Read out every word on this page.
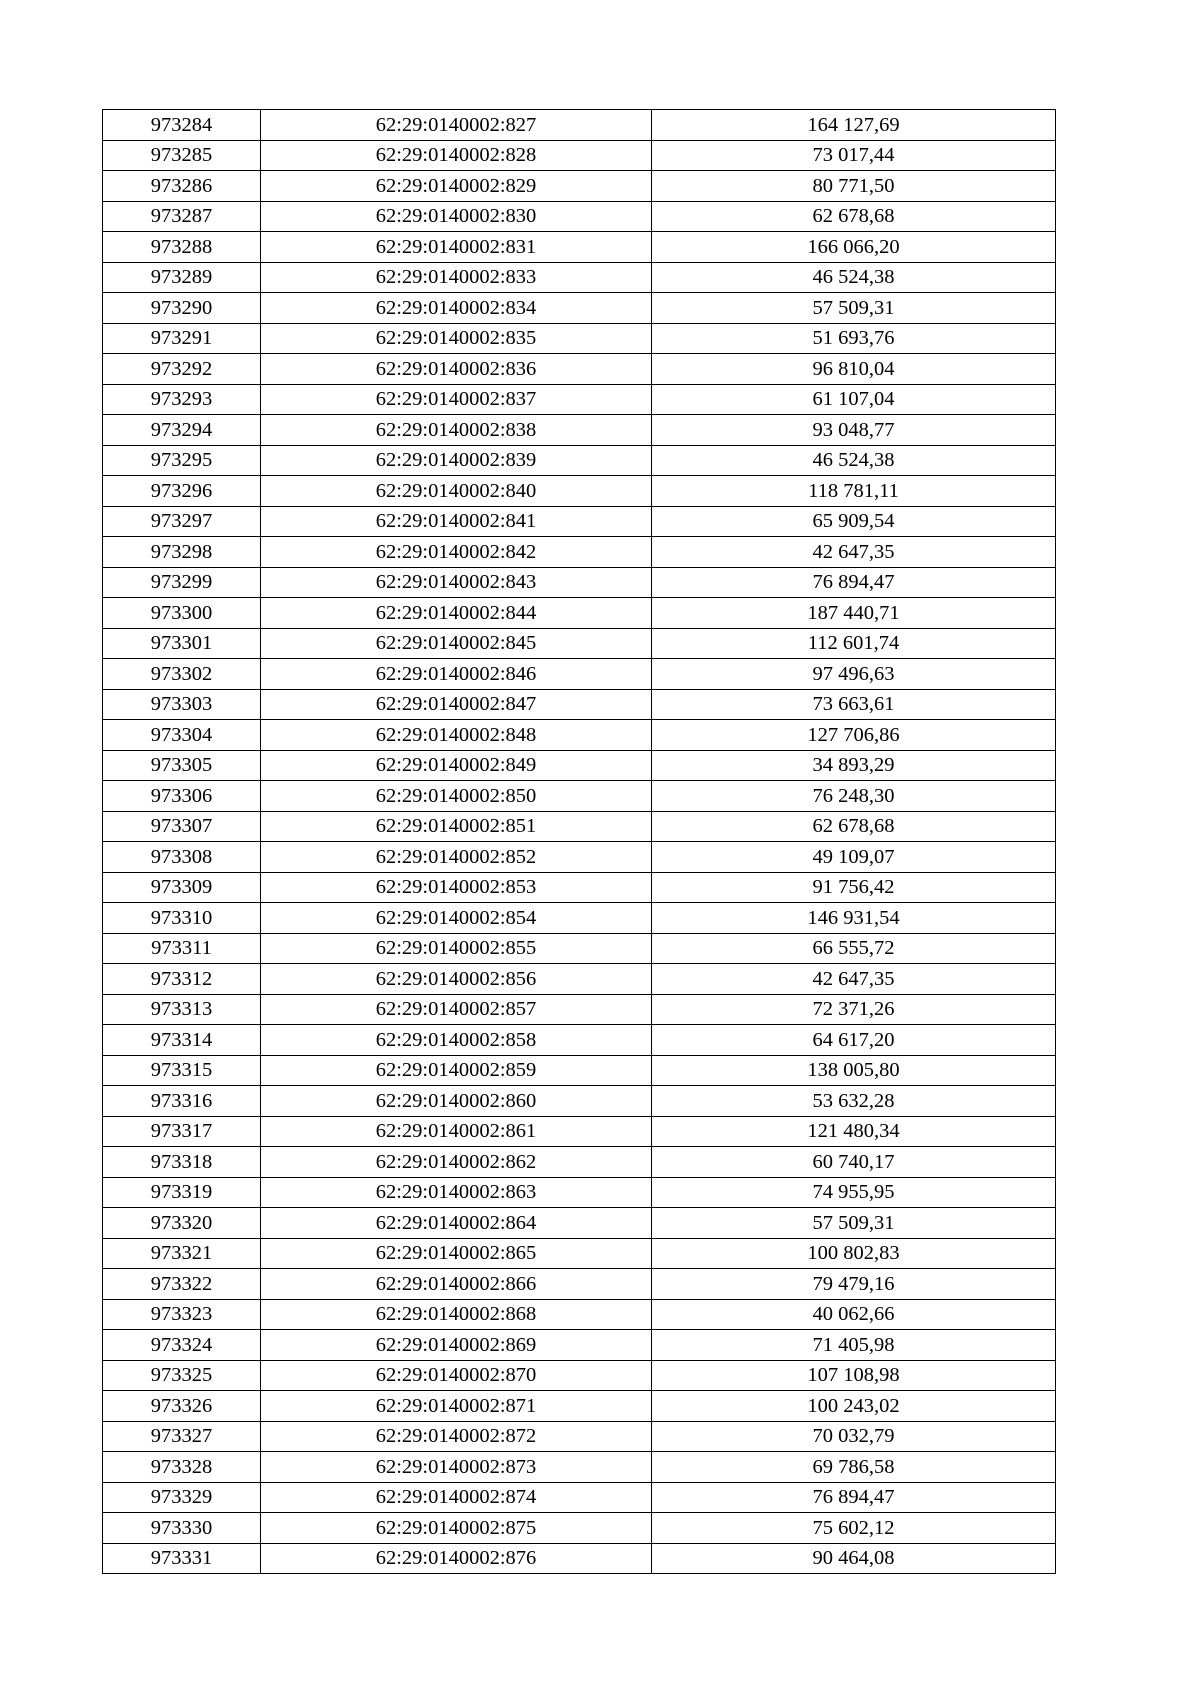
973284	62:29:0140002:827	164 127,69
973285	62:29:0140002:828	73 017,44
973286	62:29:0140002:829	80 771,50
973287	62:29:0140002:830	62 678,68
973288	62:29:0140002:831	166 066,20
973289	62:29:0140002:833	46 524,38
973290	62:29:0140002:834	57 509,31
973291	62:29:0140002:835	51 693,76
973292	62:29:0140002:836	96 810,04
973293	62:29:0140002:837	61 107,04
973294	62:29:0140002:838	93 048,77
973295	62:29:0140002:839	46 524,38
973296	62:29:0140002:840	118 781,11
973297	62:29:0140002:841	65 909,54
973298	62:29:0140002:842	42 647,35
973299	62:29:0140002:843	76 894,47
973300	62:29:0140002:844	187 440,71
973301	62:29:0140002:845	112 601,74
973302	62:29:0140002:846	97 496,63
973303	62:29:0140002:847	73 663,61
973304	62:29:0140002:848	127 706,86
973305	62:29:0140002:849	34 893,29
973306	62:29:0140002:850	76 248,30
973307	62:29:0140002:851	62 678,68
973308	62:29:0140002:852	49 109,07
973309	62:29:0140002:853	91 756,42
973310	62:29:0140002:854	146 931,54
973311	62:29:0140002:855	66 555,72
973312	62:29:0140002:856	42 647,35
973313	62:29:0140002:857	72 371,26
973314	62:29:0140002:858	64 617,20
973315	62:29:0140002:859	138 005,80
973316	62:29:0140002:860	53 632,28
973317	62:29:0140002:861	121 480,34
973318	62:29:0140002:862	60 740,17
973319	62:29:0140002:863	74 955,95
973320	62:29:0140002:864	57 509,31
973321	62:29:0140002:865	100 802,83
973322	62:29:0140002:866	79 479,16
973323	62:29:0140002:868	40 062,66
973324	62:29:0140002:869	71 405,98
973325	62:29:0140002:870	107 108,98
973326	62:29:0140002:871	100 243,02
973327	62:29:0140002:872	70 032,79
973328	62:29:0140002:873	69 786,58
973329	62:29:0140002:874	76 894,47
973330	62:29:0140002:875	75 602,12
973331	62:29:0140002:876	90 464,08
